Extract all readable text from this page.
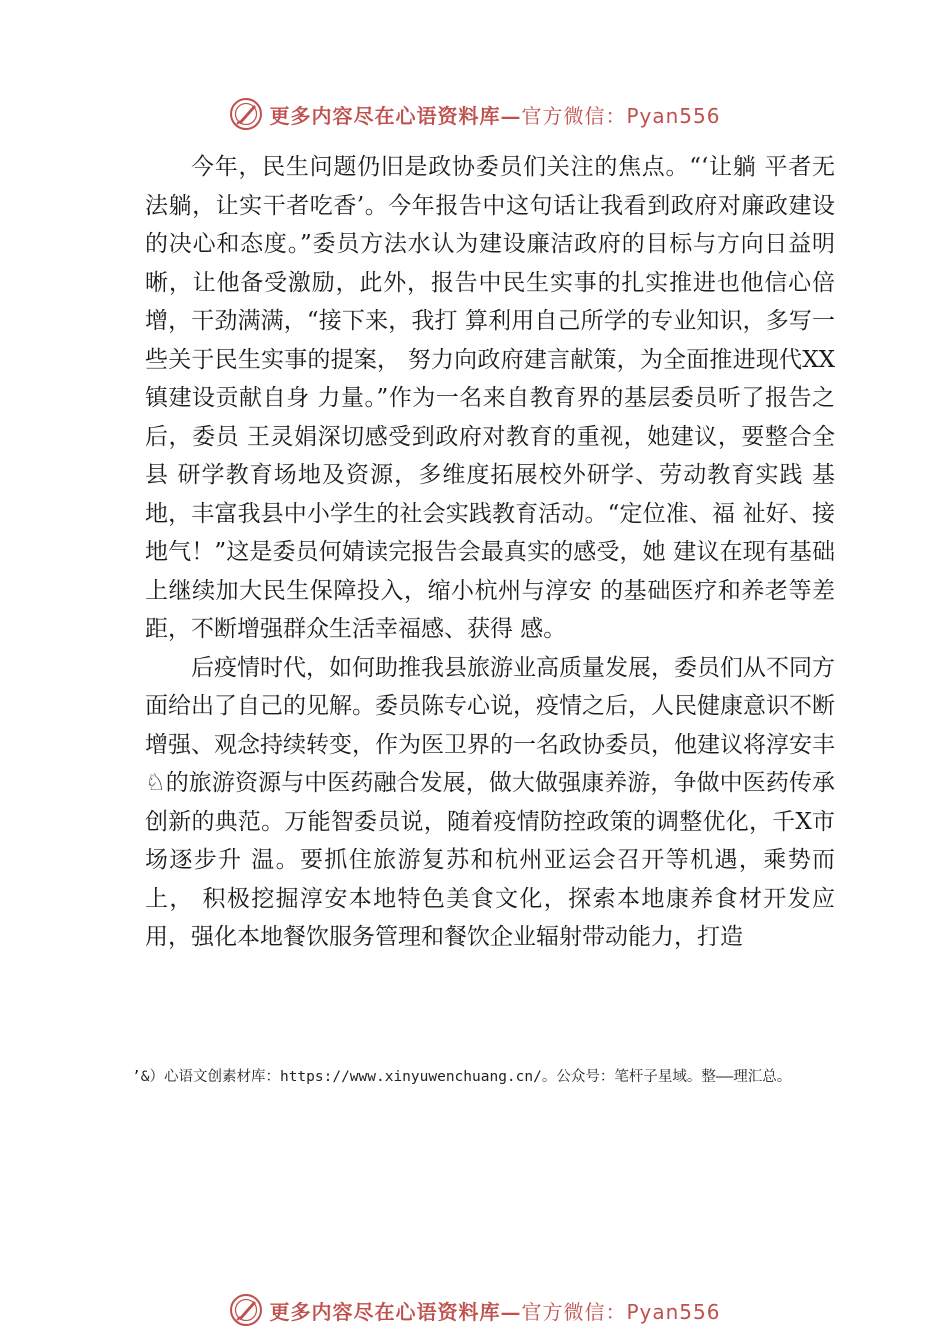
更多内容尽在心语资料库—官方微信：Pyan556

今年，民生问题仍旧是政协委员们关注的焦点。“‘让躺 平者无法躺，让实干者吃香’。今年报告中这句话让我看到政府对廉政建设的决心和态度。”委员方法水认为建设廉洁政府的目标与方向日益明晰，让他备受激励，此外，报告中民生实事的扎实推进也他信心倍增，干劲满满，“接下来，我打 算利用自己所学的专业知识，多写一些关于民生实事的提案， 努力向政府建言献策，为全面推进现代XX镇建设贡献自身 力量。”作为一名来自教育界的基层委员听了报告之后，委员 王灵娟深切感受到政府对教育的重视，她建议，要整合全县 研学教育场地及资源，多维度拓展校外研学、劳动教育实践 基地，丰富我县中小学生的社会实践教育活动。“定位准、福 祉好、接地气！”这是委员何婧读完报告会最真实的感受，她 建议在现有基础上继续加大民生保障投入，缩小杭州与淳安 的基础医疗和养老等差距，不断增强群众生活幸福感、获得 感。

后疫情时代，如何助推我县旅游业高质量发展，委员们从不同方面给出了自己的见解。委员陈专心说，疫情之后，人民健康意识不断增强、观念持续转变，作为医卫界的一名政协委员，他建议将淳安丰♘的旅游资源与中医药融合发展，做大做强康养游，争做中医药传承创新的典范。万能智委员说，随着疫情防控政策的调整优化，千X市场逐步升 温。要抓住旅游复苏和杭州亚运会召开等机遇，乘势而上， 积极挖掘淳安本地特色美食文化，探索本地康养食材开发应 用，强化本地餐饮服务管理和餐饮企业辐射带动能力，打造

’&）心语文创素材库：https://www.xinyuwenchuang.cn/。公众号：笔杆子星域。整——理汇总。
更多内容尽在心语资料库—官方微信：Pyan556
